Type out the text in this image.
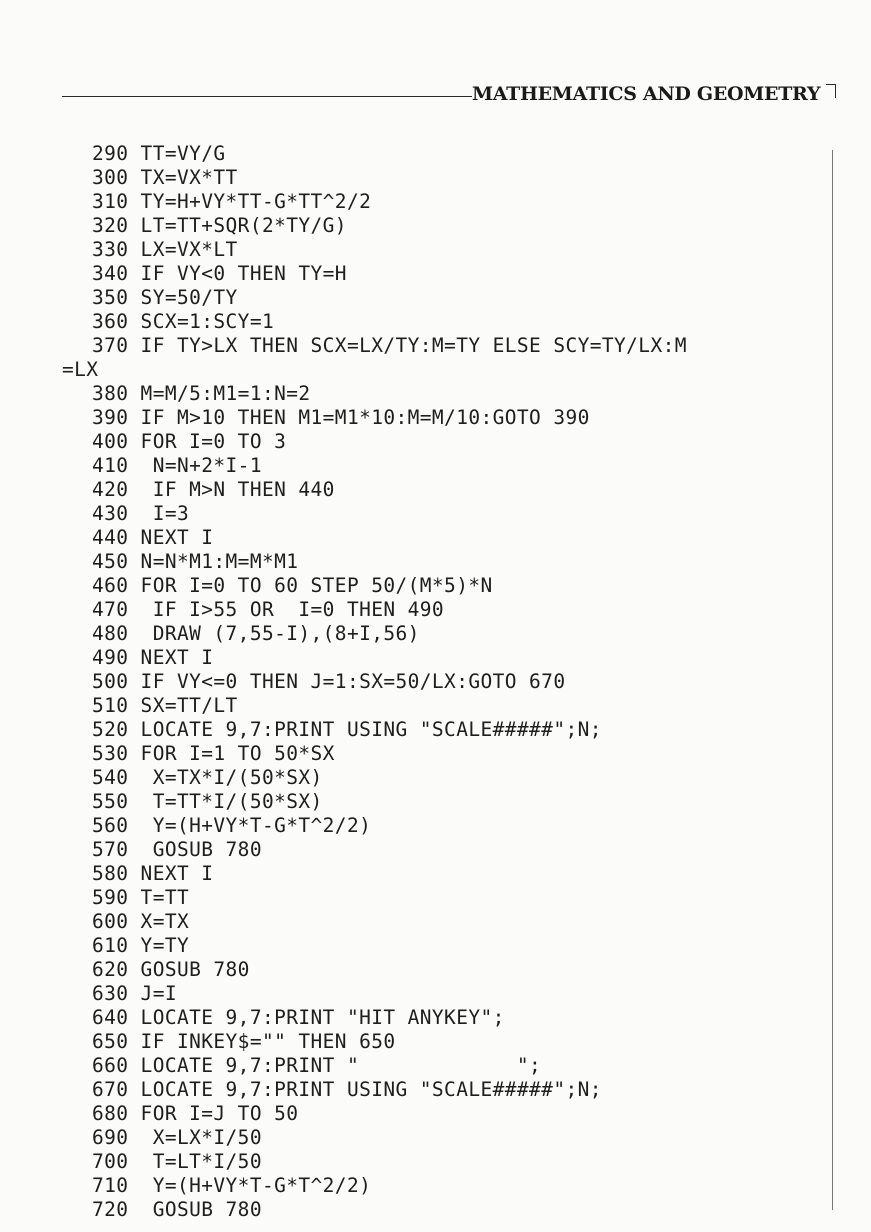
MATHEMATICS AND GEOMETRY
290 TT=VY/G
300 TX=VX*TT
310 TY=H+VY*TT-G*TT^2/2
320 LT=TT+SQR(2*TY/G)
330 LX=VX*LT
340 IF VY<0 THEN TY=H
350 SY=50/TY
360 SCX=1:SCY=1
370 IF TY>LX THEN SCX=LX/TY:M=TY ELSE SCY=TY/LX:M
=LX
380 M=M/5:M1=1:N=2
390 IF M>10 THEN M1=M1*10:M=M/10:GOTO 390
400 FOR I=0 TO 3
410  N=N+2*I-1
420  IF M>N THEN 440
430  I=3
440 NEXT I
450 N=N*M1:M=M*M1
460 FOR I=0 TO 60 STEP 50/(M*5)*N
470  IF I>55 OR  I=0 THEN 490
480  DRAW (7,55-I),(8+I,56)
490 NEXT I
500 IF VY<=0 THEN J=1:SX=50/LX:GOTO 670
510 SX=TT/LT
520 LOCATE 9,7:PRINT USING "SCALE#####";N;
530 FOR I=1 TO 50*SX
540  X=TX*I/(50*SX)
550  T=TT*I/(50*SX)
560  Y=(H+VY*T-G*T^2/2)
570  GOSUB 780
580 NEXT I
590 T=TT
600 X=TX
610 Y=TY
620 GOSUB 780
630 J=I
640 LOCATE 9,7:PRINT "HIT ANYKEY";
650 IF INKEY$="" THEN 650
660 LOCATE 9,7:PRINT "             ";
670 LOCATE 9,7:PRINT USING "SCALE#####";N;
680 FOR I=J TO 50
690  X=LX*I/50
700  T=LT*I/50
710  Y=(H+VY*T-G*T^2/2)
720  GOSUB 780
